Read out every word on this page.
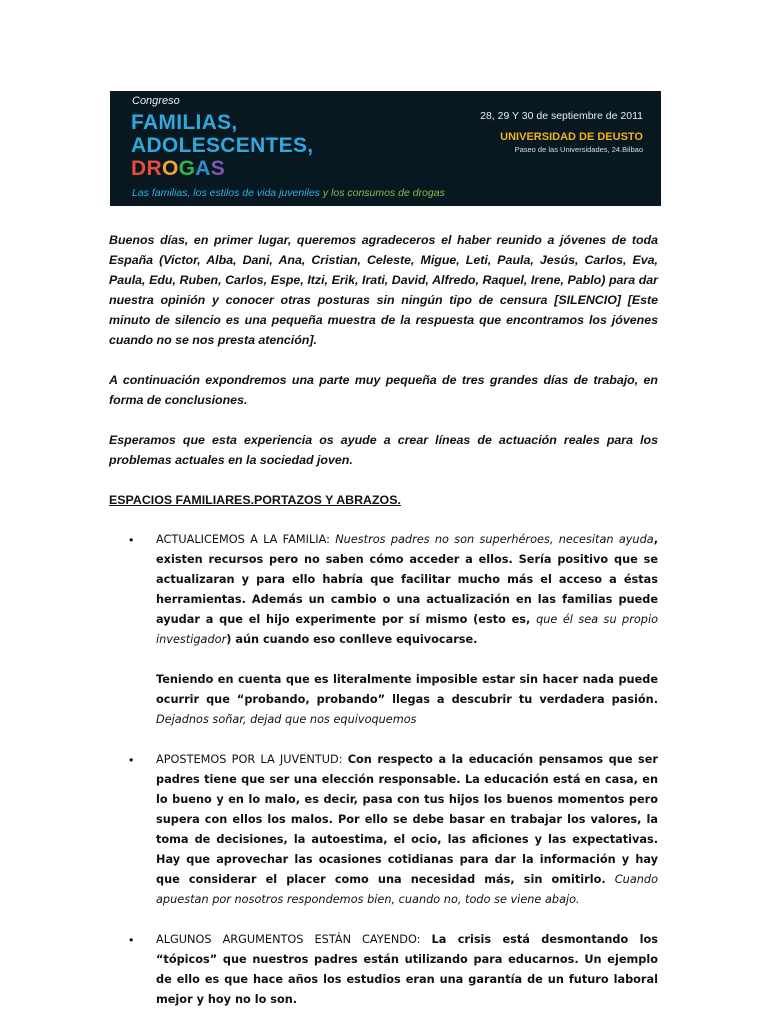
Congreso
FAMILIAS,
ADOLESCENTES,
DROGAS
Las familias, los estilos de vida juveniles y los consumos de drogas
28, 29 Y 30 de septiembre de 2011
UNIVERSIDAD DE DEUSTO
Paseo de las Universidades, 24.Bilbao

Buenos días, en primer lugar, queremos agradeceros el haber reunido a jóvenes de toda España (Victor, Alba, Dani, Ana, Cristian, Celeste, Migue, Leti, Paula, Jesús, Carlos, Eva, Paula, Edu, Ruben, Carlos, Espe, Itzi, Erik, Irati, David, Alfredo, Raquel, Irene, Pablo) para dar nuestra opinión y conocer otras posturas sin ningún tipo de censura [SILENCIO] [Este minuto de silencio es una pequeña muestra de la respuesta que encontramos los jóvenes cuando no se nos presta atención].

A continuación expondremos una parte muy pequeña de tres grandes días de trabajo, en forma de conclusiones.

Esperamos que esta experiencia os ayude a crear líneas de actuación reales para los problemas actuales en la sociedad joven.

ESPACIOS FAMILIARES.PORTAZOS Y ABRAZOS.

• ACTUALICEMOS A LA FAMILIA: Nuestros padres no son superhéroes, necesitan ayuda, existen recursos pero no saben cómo acceder a ellos. Sería positivo que se actualizaran y para ello habría que facilitar mucho más el acceso a éstas herramientas. Además un cambio o una actualización en las familias puede ayudar a que el hijo experimente por sí mismo (esto es, que él sea su propio investigador) aún cuando eso conlleve equivocarse.

Teniendo en cuenta que es literalmente imposible estar sin hacer nada puede ocurrir que “probando, probando” llegas a descubrir tu verdadera pasión. Dejadnos soñar, dejad que nos equivoquemos

• APOSTEMOS POR LA JUVENTUD: Con respecto a la educación pensamos que ser padres tiene que ser una elección responsable. La educación está en casa, en lo bueno y en lo malo, es decir, pasa con tus hijos los buenos momentos pero supera con ellos los malos. Por ello se debe basar en trabajar los valores, la toma de decisiones, la autoestima, el ocio, las aficiones y las expectativas. Hay que aprovechar las ocasiones cotidianas para dar la información y hay que considerar el placer como una necesidad más, sin omitirlo. Cuando apuestan por nosotros respondemos bien, cuando no, todo se viene abajo.

• ALGUNOS ARGUMENTOS ESTÁN CAYENDO: La crisis está desmontando los “tópicos” que nuestros padres están utilizando para educarnos. Un ejemplo de ello es que hace años los estudios eran una garantía de un futuro laboral mejor y hoy no lo son.
